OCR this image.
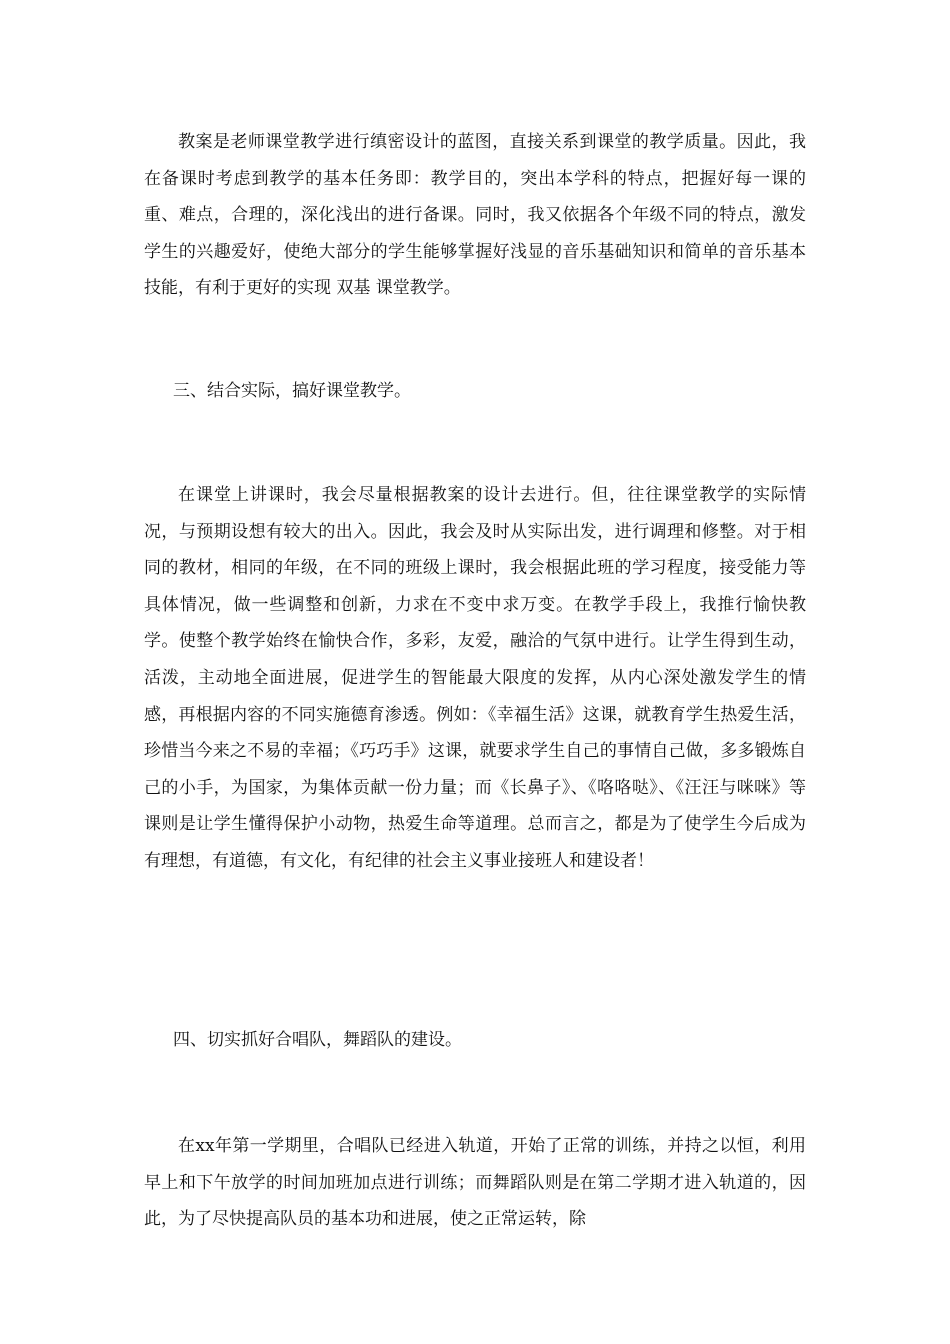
教案是老师课堂教学进行缜密设计的蓝图，直接关系到课堂的教学质量。因此，我在备课时考虑到教学的基本任务即：教学目的，突出本学科的特点，把握好每一课的重、难点，合理的，深化浅出的进行备课。同时，我又依据各个年级不同的特点，激发学生的兴趣爱好，使绝大部分的学生能够掌握好浅显的音乐基础知识和简单的音乐基本技能，有利于更好的实现 双基 课堂教学。

三、结合实际，搞好课堂教学。

在课堂上讲课时，我会尽量根据教案的设计去进行。但，往往课堂教学的实际情况，与预期设想有较大的出入。因此，我会及时从实际出发，进行调理和修整。对于相同的教材，相同的年级，在不同的班级上课时，我会根据此班的学习程度，接受能力等具体情况，做一些调整和创新，力求在不变中求万变。在教学手段上，我推行愉快教学。使整个教学始终在愉快合作，多彩，友爱，融洽的气氛中进行。让学生得到生动，活泼，主动地全面进展，促进学生的智能最大限度的发挥，从内心深处激发学生的情感，再根据内容的不同实施德育渗透。例如：《幸福生活》这课，就教育学生热爱生活，珍惜当今来之不易的幸福；《巧巧手》这课，就要求学生自己的事情自己做，多多锻炼自己的小手，为国家，为集体贡献一份力量；而《长鼻子》、《咯咯哒》、《汪汪与咪咪》等课则是让学生懂得保护小动物，热爱生命等道理。总而言之，都是为了使学生今后成为有理想，有道德，有文化，有纪律的社会主义事业接班人和建设者！

四、切实抓好合唱队，舞蹈队的建设。

在xx年第一学期里，合唱队已经进入轨道，开始了正常的训练，并持之以恒，利用早上和下午放学的时间加班加点进行训练；而舞蹈队则是在第二学期才进入轨道的，因此，为了尽快提高队员的基本功和进展，使之正常运转，除
